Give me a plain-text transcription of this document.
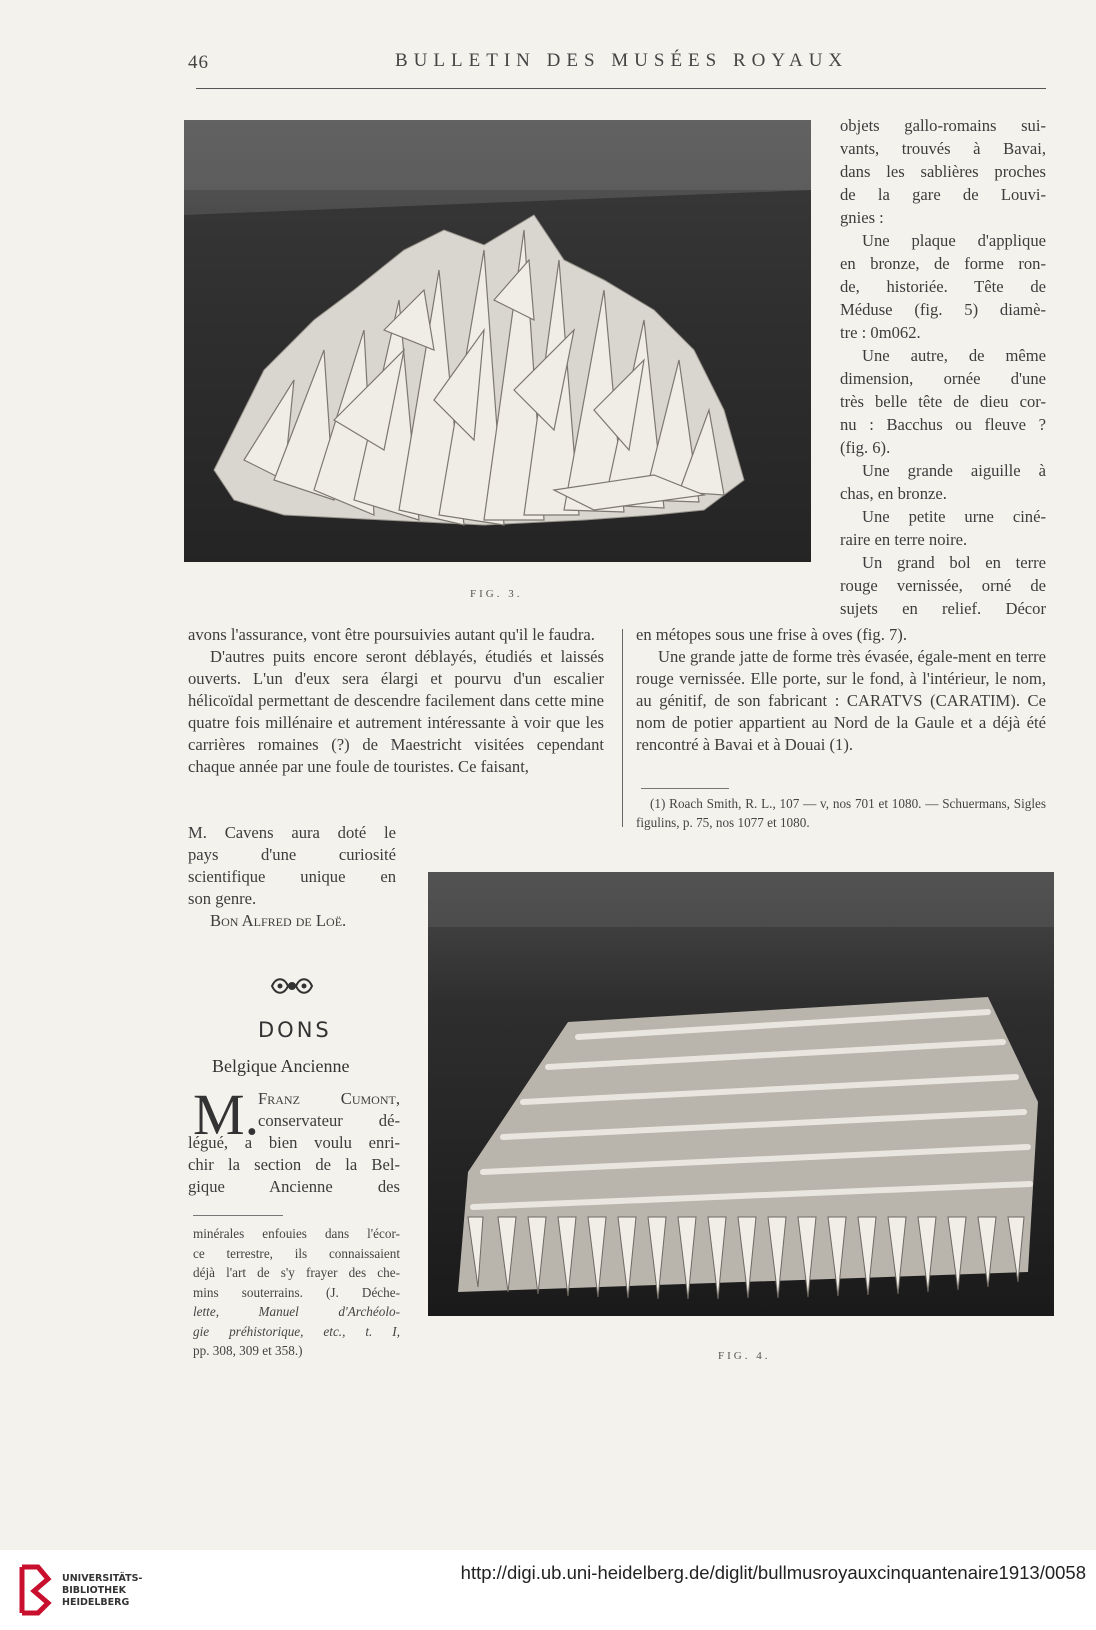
46	BULLETIN DES MUSÉES ROYAUX
FIG. 3.
objets gallo-romains sui-
vants, trouvés à Bavai,
dans les sablières proches
de la gare de Louvi-
gnies :
Une plaque d'applique
en bronze, de forme ron-
de, historiée. Tête de
Méduse (fig. 5) diamè-
tre : 0m062.
Une autre, de même
dimension, ornée d'une
très belle tête de dieu cor-
nu : Bacchus ou fleuve ?
(fig. 6).
Une grande aiguille à
chas, en bronze.
Une petite urne ciné-
raire en terre noire.
Un grand bol en terre
rouge vernissée, orné de
sujets en relief. Décor

avons l'assurance, vont être poursuivies autant qu'il le faudra.

D'autres puits encore seront déblayés, étudiés et laissés ouverts. L'un d'eux sera élargi et pourvu d'un escalier hélicoïdal permettant de descendre facilement dans cette mine quatre fois millénaire et autrement intéressante à voir que les carrières romaines (?) de Maestricht visitées cependant chaque année par une foule de touristes. Ce faisant,

M. Cavens aura doté le
pays d'une curiosité
scientifique unique en
son genre.
Bon Alfred de Loë.

en métopes sous une frise à oves (fig. 7).

Une grande jatte de forme très évasée, égale-ment en terre rouge vernissée. Elle porte, sur le fond, à l'intérieur, le nom, au génitif, de son fabricant : CARATVS (CARATIM). Ce nom de potier appartient au Nord de la Gaule et a déjà été rencontré à Bavai et à Douai (1).

(1) Roach Smith, R. L., 107 — v, nos 701 et 1080. — Schuermans, Sigles figulins, p. 75, nos 1077 et 1080.

DONS
Belgique Ancienne
M.
Franz Cumont,
conservateur dé-
légué, a bien voulu enri-
chir la section de la Bel-
gique Ancienne des
minérales enfouies dans l'écor-
ce terrestre, ils connaissaient
déjà l'art de s'y frayer des che-
mins souterrains. (J. Déche-
lette, Manuel d'Archéolo-
gie préhistorique, etc., t. I,
pp. 308, 309 et 358.)	FIG. 4.
UNIVERSITÄTS-
BIBLIOTHEK
HEIDELBERG
http://digi.ub.uni-heidelberg.de/diglit/bullmusroyauxcinquantenaire1913/0058
